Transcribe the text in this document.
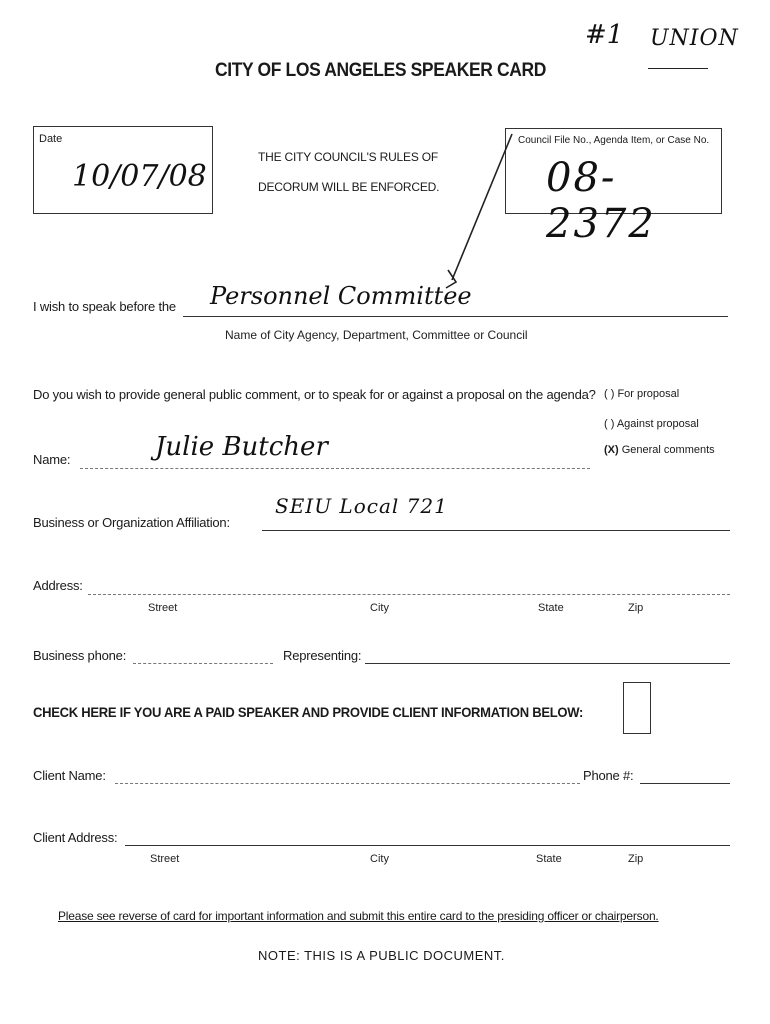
#1 UNION
CITY OF LOS ANGELES SPEAKER CARD
Date
10/07/08
THE CITY COUNCIL'S RULES OF
DECORUM WILL BE ENFORCED.
Council File No., Agenda Item, or Case No.
08-2372
I wish to speak before the Personnel Committee
Name of City Agency, Department, Committee or Council
Do you wish to provide general public comment, or to speak for or against a proposal on the agenda? ( ) For proposal
( ) Against proposal
(X) General comments
Name:	Julie Butcher
Business or Organization Affiliation:
SEIU Local 721
Address:
Street	City	State	Zip
Business phone:	Representing:
CHECK HERE IF YOU ARE A PAID SPEAKER AND PROVIDE CLIENT INFORMATION BELOW:
Client Name:	Phone #:
Client Address:
Street	City	State	Zip
Please see reverse of card for important information and submit this entire card to the presiding officer or chairperson.
NOTE: THIS IS A PUBLIC DOCUMENT.
